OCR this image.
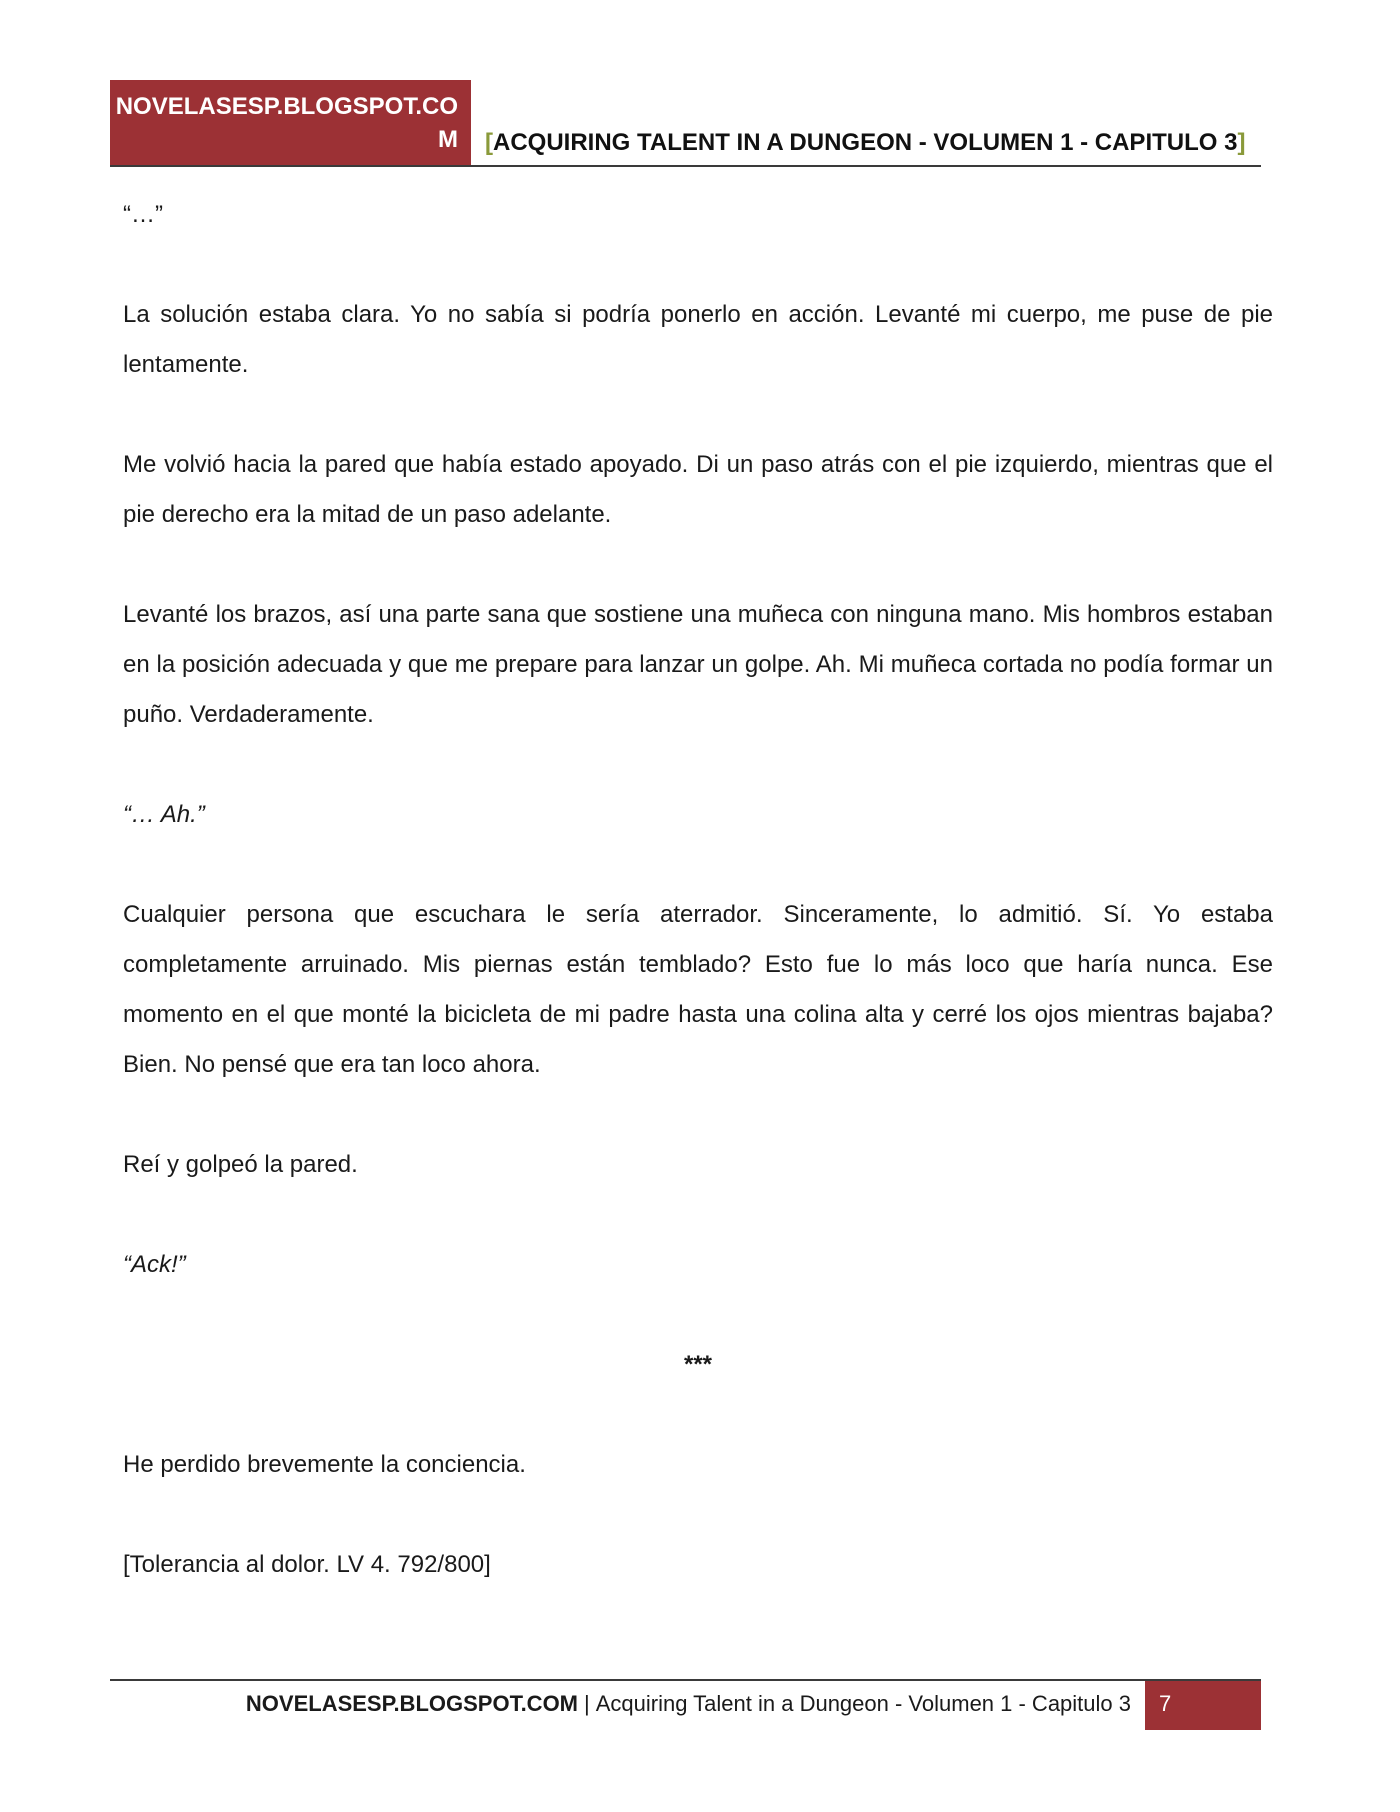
NOVELASESP.BLOGSPOT.COM	[ACQUIRING TALENT IN A DUNGEON - VOLUMEN 1 - CAPITULO 3]

“…”

La solución estaba clara. Yo no sabía si podría ponerlo en acción. Levanté mi cuerpo, me puse de pie lentamente.

Me volvió hacia la pared que había estado apoyado. Di un paso atrás con el pie izquierdo, mientras que el pie derecho era la mitad de un paso adelante.

Levanté los brazos, así una parte sana que sostiene una muñeca con ninguna mano. Mis hombros estaban en la posición adecuada y que me prepare para lanzar un golpe. Ah. Mi muñeca cortada no podía formar un puño. Verdaderamente.

“… Ah.”

Cualquier persona que escuchara le sería aterrador. Sinceramente, lo admitió. Sí. Yo estaba completamente arruinado. Mis piernas están temblado? Esto fue lo más loco que haría nunca. Ese momento en el que monté la bicicleta de mi padre hasta una colina alta y cerré los ojos mientras bajaba? Bien. No pensé que era tan loco ahora.

Reí y golpeó la pared.

“Ack!”

***

He perdido brevemente la conciencia.

[Tolerancia al dolor. LV 4. 792/800]

NOVELASESP.BLOGSPOT.COM | Acquiring Talent in a Dungeon - Volumen 1 - Capitulo 3	7
